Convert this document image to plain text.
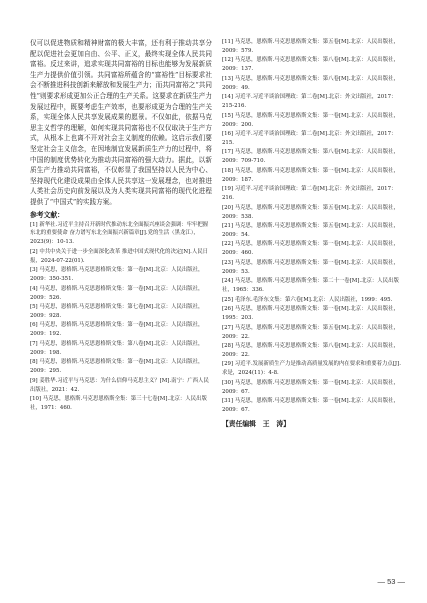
仅可以促进物质和精神财富的极大丰富，还有利于推动共享分配以促进社会更加自由、公平、正义，最终实现全体人民共同富裕。反过来讲，追求实现共同富裕的目标也能够为发展新质生产力提供价值引领。共同富裕所蕴含的“富裕性”目标要求社会不断推进科技创新来解放和发展生产力；而共同富裕之“共同性”则要求形成更加公正合理的生产关系。这要求在新质生产力发展过程中，既要考虑生产效率，也要形成更为合理的生产关系，实现全体人民共享发展成果的愿景。不仅如此，依据马克思主义哲学的理解，如何实现共同富裕也不仅仅取决于生产方式，从根本上也离不开对社会主义制度的依赖。这启示我们要坚定社会主义信念，在因地制宜发展新质生产力的过程中，将中国的制度优势转化为推动共同富裕的强大动力。据此，以新质生产力推动共同富裕，不仅彰显了我国坚持以人民为中心、坚持现代化建设成果由全体人民共享这一发展理念，也对推进人类社会历史向前发展以及为人类实现共同富裕的现代化进程提供了“中国式”的实践方案。

参考文献：

[1] 新华社.习近平主持召开新时代推动东北全面振兴座谈会强调：牢牢把握东北的重要使命 奋力谱写东北全面振兴新篇章[J].党的生活（黑龙江），2023(9)：10-13.

[2] 中共中央关于进一步全面深化改革 推进中国式现代化的决定[N].人民日报，2024-07-22(01).

[3] 马克思，恩格斯.马克思恩格斯文集：第一卷[M].北京：人民出版社，2009：350-351.

[4] 马克思，恩格斯.马克思恩格斯文集：第一卷[M].北京：人民出版社，2009：526.

[5] 马克思，恩格斯.马克思恩格斯文集：第七卷[M].北京：人民出版社，2009：928.

[6] 马克思，恩格斯.马克思恩格斯文集：第一卷[M].北京：人民出版社，2009：192.

[7] 马克思，恩格斯.马克思恩格斯文集：第八卷[M].北京：人民出版社，2009：198.

[8] 马克思，恩格斯.马克思恩格斯文集：第一卷[M].北京：人民出版社，2009：295.

[9] 姜胜华.习近平与马克思：为什么信仰马克思主义？[M].南宁：广西人民出版社，2021：42.

[10] 马克思，恩格斯.马克思恩格斯全集：第三十七卷[M].北京：人民出版社，1971：460.

[11] 马克思，恩格斯.马克思恩格斯文集：第五卷[M].北京：人民出版社，2009：579.

[12] 马克思，恩格斯.马克思恩格斯文集：第八卷[M].北京：人民出版社，2009：137.

[13] 马克思，恩格斯.马克思恩格斯文集：第八卷[M].北京：人民出版社，2009：49.

[14] 习近平.习近平谈治国理政：第二卷[M].北京：外文出版社，2017：215-216.

[15] 马克思，恩格斯.马克思恩格斯文集：第一卷[M].北京：人民出版社，2009：200.

[16] 习近平.习近平谈治国理政：第二卷[M].北京：外文出版社，2017：215.

[17] 马克思，恩格斯.马克思恩格斯文集：第八卷[M].北京：人民出版社，2009：709-710.

[18] 马克思，恩格斯.马克思恩格斯文集：第一卷[M].北京：人民出版社，2009：187.

[19] 习近平.习近平谈治国理政：第二卷[M].北京：外文出版社，2017：216.

[20] 马克思，恩格斯.马克思恩格斯文集：第五卷[M].北京：人民出版社，2009：538.

[21] 马克思，恩格斯.马克思恩格斯文集：第五卷[M].北京：人民出版社，2009：54.

[22] 马克思，恩格斯.马克思恩格斯文集：第一卷[M].北京：人民出版社，2009：460.

[23] 马克思，恩格斯.马克思恩格斯文集：第一卷[M].北京：人民出版社，2009：53.

[24] 马克思，恩格斯.马克思恩格斯全集：第二十一卷[M].北京：人民出版社，1965：336.

[25] 毛泽东.毛泽东文集：第六卷[M].北京：人民出版社，1999：495.

[26] 马克思，恩格斯.马克思恩格斯文集：第一卷[M].北京：人民出版社，1995：203.

[27] 马克思，恩格斯.马克思恩格斯文集：第五卷[M].北京：人民出版社，2009：22.

[28] 马克思，恩格斯.马克思恩格斯文集：第八卷[M].北京：人民出版社，2009：22.

[29] 习近平.发展新质生产力是推动高质量发展的内在要求和重要着力点[J].求是，2024(11)：4-8.

[30] 马克思，恩格斯.马克思恩格斯文集：第一卷[M].北京：人民出版社，2009：67.

[31] 马克思，恩格斯.马克思恩格斯文集：第一卷[M].北京：人民出版社，2009：67.

【责任编辑　王　涛】
— 53 —
